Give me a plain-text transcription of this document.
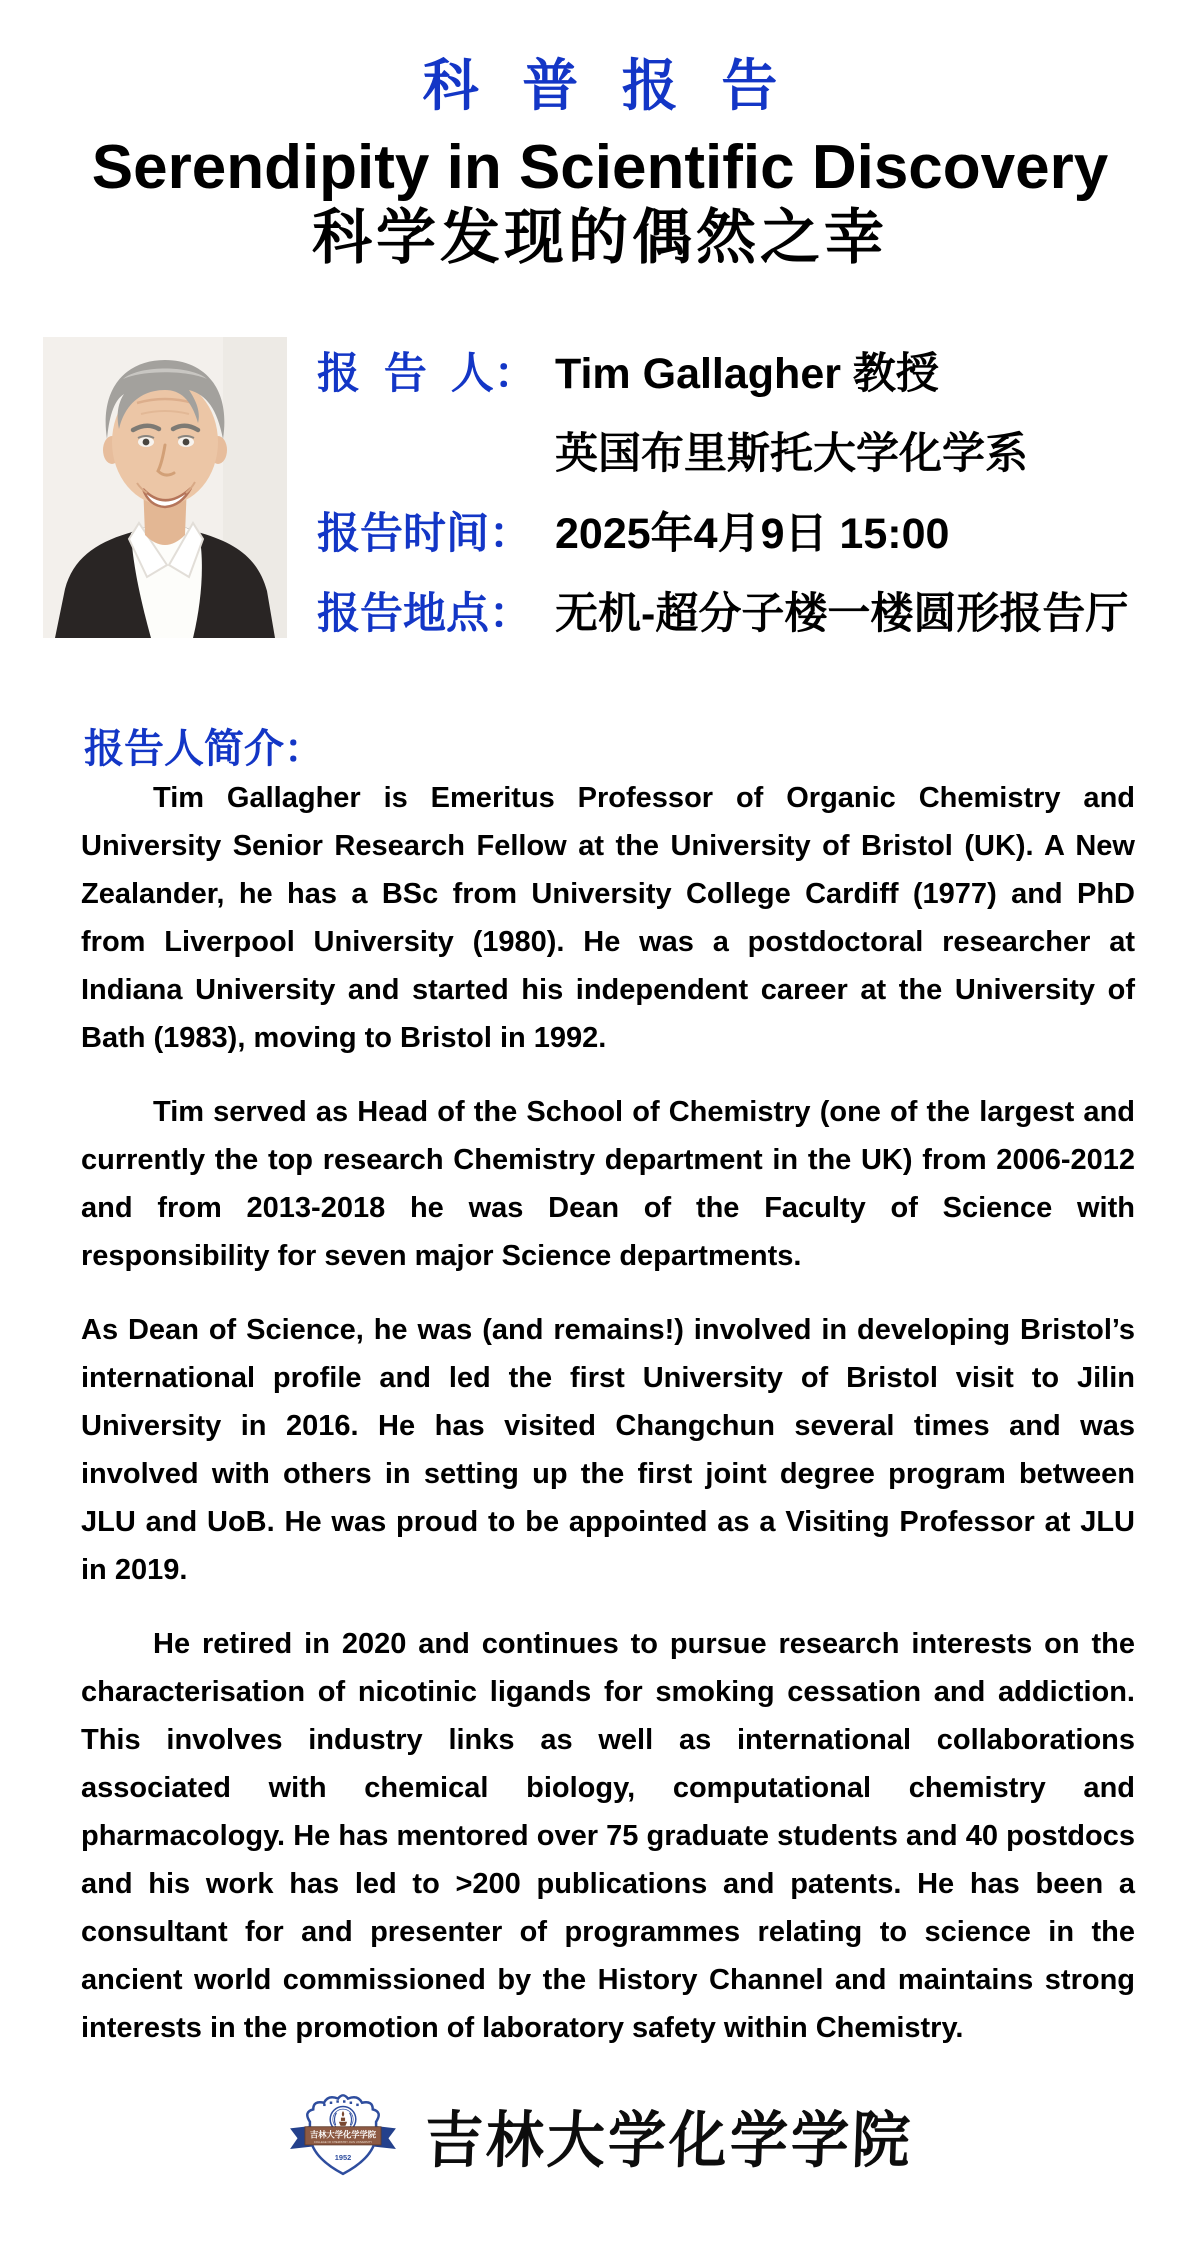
科 普 报 告
Serendipity in Scientific Discovery
科学发现的偶然之幸
报  告  人： Tim Gallagher 教授
英国布里斯托大学化学系
报告时间： 2025年4月9日 15:00
报告地点： 无机-超分子楼一楼圆形报告厅
报告人简介：

Tim Gallagher is Emeritus Professor of Organic Chemistry and University Senior Research Fellow at the University of Bristol (UK). A New Zealander, he has a BSc from University College Cardiff (1977) and PhD from Liverpool University (1980). He was a postdoctoral researcher at Indiana University and started his independent career at the University of Bath (1983), moving to Bristol in 1992.

Tim served as Head of the School of Chemistry (one of the largest and currently the top research Chemistry department in the UK) from 2006-2012 and from 2013-2018 he was Dean of the Faculty of Science with responsibility for seven major Science departments.

As Dean of Science, he was (and remains!) involved in developing Bristol’s international profile and led the first University of Bristol visit to Jilin University in 2016. He has visited Changchun several times and was involved with others in setting up the first joint degree program between JLU and UoB. He was proud to be appointed as a Visiting Professor at JLU in 2019.

He retired in 2020 and continues to pursue research interests on the characterisation of nicotinic ligands for smoking cessation and addiction. This involves industry links as well as international collaborations associated with chemical biology, computational chemistry and pharmacology. He has mentored over 75 graduate students and 40 postdocs and his work has led to >200 publications and patents. He has been a consultant for and presenter of programmes relating to science in the ancient world commissioned by the History Channel and maintains strong interests in the promotion of laboratory safety within Chemistry.

吉林大学化学学院
COLLEGE OF CHEMISTRY JILIN UNIVERSITY
1952 吉林大学化学学院
